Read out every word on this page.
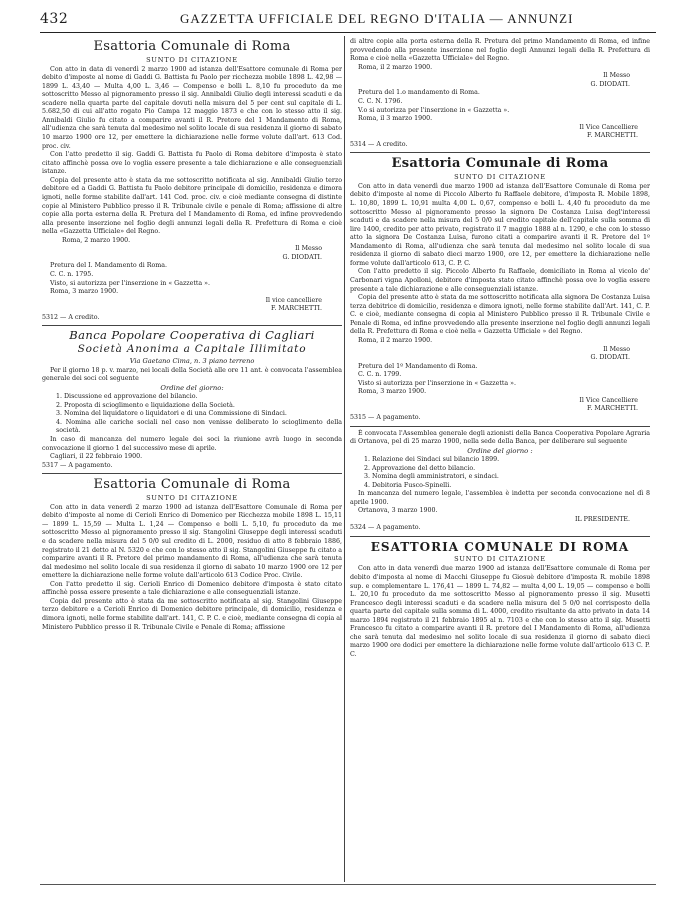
432	GAZZETTA UFFICIALE DEL REGNO D'ITALIA — ANNUNZI
Esattoria Comunale di Roma
SUNTO DI CITAZIONE

Con atto in data di venerdì 2 marzo 1900 ad istanza dell'Esattore comunale di Roma per debito d'imposte al nome di Gaddi G. Battista fu Paolo per ricchezza mobile 1898 L. 42,98 — 1899 L. 43,40 — Multa 4,00 L. 3,46 — Compenso e bolli L. 8,10 fu proceduto da me sottoscritto Messo al pignoramento presso il sig. Annibaldi Giulio degli interessi scaduti e da scadere nella quarta parte del capitale dovuti nella misura del 5 per cent sul capitale di L. 5.682,50 di cui all'atto rogato Pio Campa 12 maggio 1873 e che con lo stesso atto il sig. Annibaldi Giulio fu citato a comparire avanti il R. Pretore del 1 Mandamento di Roma, all'udienza che sarà tenuta dal medesimo nel solito locale di sua residenza il giorno di sabato 10 marzo 1900 ore 12, per emettere la dichiarazione nelle forme volute dall'art. 613 Cod. proc. civ.

Con l'atto predetto il sig. Gaddi G. Battista fu Paolo di Roma debitore d'imposta è stato citato affinchè possa ove lo voglia essere presente a tale dichiarazione e alle conseguenziali istanze.

Copia del presente atto è stata da me sottoscritto notificata al sig. Annibaldi Giulio terzo debitore ed a Gaddi G. Battista fu Paolo debitore principale di domicilio, residenza e dimora ignoti, nelle forme stabilite dall'art. 141 Cod. proc. civ. e cioè mediante consegna di distinte copie al Ministero Pubblico presso il R. Tribunale civile e penale di Roma; affissione di altre copie alla porta esterna della R. Pretura del I Mandamento di Roma, ed infine provvedendo alla presente inserzione nel foglio degli annunzi legali della R. Prefettura di Roma e cioè nella «Gazzetta Ufficiale» del Regno.

Roma, 2 marzo 1900.

Il Messo

G. DIODATI.

Pretura del I. Mandamento di Roma.

C. C. n. 1795.

Visto, si autorizza per l'inserzione in « Gazzetta ».

Roma, 3 marzo 1900.

Il vice cancelliere

F. MARCHETTI.

5312 — A credito.

Banca Popolare Cooperativa di Cagliari
Società Anonima a Capitale Illimitato
Via Gaetano Cima, n. 3 piano terreno

Per il giorno 18 p. v. marzo, nei locali della Società alle ore 11 ant. è convocata l'assemblea generale dei soci col seguente

Ordine del giorno:

1. Discussione ed approvazione del bilancio.

2. Proposta di scioglimento e liquidazione della Società.

3. Nomina del liquidatore o liquidatori e di una Commissione di Sindaci.

4. Nomina alle cariche sociali nel caso non venisse deliberato lo scioglimento della società.

In caso di mancanza del numero legale dei soci la riunione avrà luogo in seconda convocazione il giorno 1 del successivo mese di aprile.

Cagliari, il 22 febbraio 1900.

5317 — A pagamento.

Esattoria Comunale di Roma
SUNTO DI CITAZIONE

Con atto in data venerdì 2 marzo 1900 ad istanza dell'Esattore Comunale di Roma per debito d'imposte al nome di Cerioli Enrico di Domenico per Ricchezza mobile 1898 L. 15,11 — 1899 L. 15,59 — Multa L. 1,24 — Compenso e bolli L. 5,10, fu proceduto da me sottoscritto Messo al pignoramento presso il sig. Stangolini Giuseppe degli interessi scaduti e da scadere nella misura del 5 0/0 sul credito di L. 2000, residuo di atto 8 febbraio 1886, registrato il 21 detto al N. 5320 e che con lo stesso atto il sig. Stangolini Giuseppe fu citato a comparire avanti il R. Pretore del primo mandamento di Roma, all'udienza che sarà tenuta dal medesimo nel solito locale di sua residenza il giorno di sabato 10 marzo 1900 ore 12 per emettere la dichiarazione nelle forme volute dall'articolo 613 Codice Proc. Civile.

Con l'atto predetto il sig. Cerioli Enrico di Domenico debitore d'imposta è stato citato affinchè possa essere presente a tale dichiarazione e alle conseguenziali istanze.

Copia del presente atto è stata da me sottoscritto notificata al sig. Stangolini Giuseppe terzo debitore e a Cerioli Enrico di Domenico debitore principale, di domicilio, residenza e dimora ignoti, nelle forme stabilite dall'art. 141, C. P. C. e cioè, mediante consegna di copia al Ministero Pubblico presso il R. Tribunale Civile e Penale di Roma; affissione

di altre copie alla porta esterna della R. Pretura del primo Mandamento di Roma, ed infine provvedendo alla presente inserzione nel foglio degli Annunzi legali della R. Prefettura di Roma e cioè nella «Gazzetta Ufficiale» del Regno.

Roma, il 2 marzo 1900.

Il Messo

G. DIODATI.

Pretura del 1.o mandamento di Roma.

C. C. N. 1796.

V.o si autorizza per l'inserzione in « Gazzetta ».

Roma, il 3 marzo 1900.

Il Vice Cancelliere

F. MARCHETTI.

5314 — A credito.

Esattoria Comunale di Roma
SUNTO DI CITAZIONE

Con atto in data venerdì due marzo 1900 ad istanza dell'Esattore Comunale di Roma per debito d'imposte al nome di Piccolo Alberto fu Raffaele debitore, d'imposta R. Mobile 1898, L. 10,80, 1899 L. 10,91 multa 4,00 L. 0,67, compenso e bolli L. 4,40 fu proceduto da me sottoscritto Messo al pignoramento presso la signora De Costanza Luisa degl'interessi scaduti e da scadere nella misura del 5 0/0 sul credito capitale dell'capitale sulla somma di lire 1400, credito per atto privato, registrato il 7 maggio 1888 al n. 1290, e che con lo stesso atto la signora De Costanza Luisa, furono citati a comparire avanti il R. Pretore del 1º Mandamento di Roma, all'udienza che sarà tenuta dal medesimo nel solito locale di sua residenza il giorno di sabato dieci marzo 1900, ore 12, per emettere la dichiarazione nelle forme volute dall'articolo 613, C. P. C.

Con l'atto predetto il sig. Piccolo Alberto fu Raffaele, domiciliato in Roma al vicolo de' Carbonari vigna Apolloni, debitore d'imposta stato citato affinchè possa ove lo voglia essere presente a tale dichiarazione e alle conseguenziali istanze.

Copia del presente atto è stata da me sottoscritto notificata alla signora De Costanza Luisa terza debitrice di domicilio, residenza e dimora ignoti, nelle forme stabilite dall'Art. 141, C. P. C. e cioè, mediante consegna di copia al Ministero Pubblico presso il R. Tribunale Civile e Penale di Roma, ed infine provvedendo alla presente inserzione nel foglio degli annunzi legali della R. Prefettura di Roma e cioè nella « Gazzetta Ufficiale » del Regno.

Roma, il 2 marzo 1900.

Il Messo

G. DIODATI.

Pretura del 1º Mandamento di Roma.

C. C. n. 1799.

Visto si autorizza per l'inserzione in « Gazzetta ».

Roma, 3 marzo 1900.

Il Vice Cancelliere

F. MARCHETTI.

5315 — A pagamento.

È convocata l'Assemblea generale degli azionisti della Banca Cooperativa Popolare Agraria di Ortanova, pel dì 25 marzo 1900, nella sede della Banca, per deliberare sul seguente

Ordine del giorno :

1. Relazione dei Sindaci sul bilancio 1899.

2. Approvazione del detto bilancio.

3. Nomina degli amministratori, e sindaci.

4. Debitoria Fusco-Spinelli.

In mancanza del numero legale, l'assemblea è indetta per seconda convocazione nel dì 8 aprile 1900.

Ortanova, 3 marzo 1900.

IL PRESIDENTE.

5324 — A pagamento.

ESATTORIA COMUNALE DI ROMA
SUNTO DI CITAZIONE

Con atto in data venerdì due marzo 1900 ad istanza dell'Esattore comunale di Roma per debito d'imposta al nome di Macchi Giuseppe fu Giosuè debitore d'imposta R. mobile 1898 sup. e complementare L. 176,41 — 1899 L. 74,82 — multa 4,00 L. 19,05 — compenso e bolli L. 20,10 fu proceduto da me sottoscritto Messo al pignoramento presso il sig. Musetti Francesco degli interessi scaduti e da scadere nella misura del 5 0/0 nel corrisposto della quarta parte del capitale sulla somma di L. 4000, credito risultante da atto privato in data 14 marzo 1894 registrato il 21 febbraio 1895 al n. 7103 e che con lo stesso atto il sig. Musetti Francesco fu citato a comparire avanti il R. pretore del I Mandamento di Roma, all'udienza che sarà tenuta dal medesimo nel solito locale di sua residenza il giorno di sabato dieci marzo 1900 ore dodici per emettere la dichiarazione nelle forme volute dall'articolo 613 C. P. C.
